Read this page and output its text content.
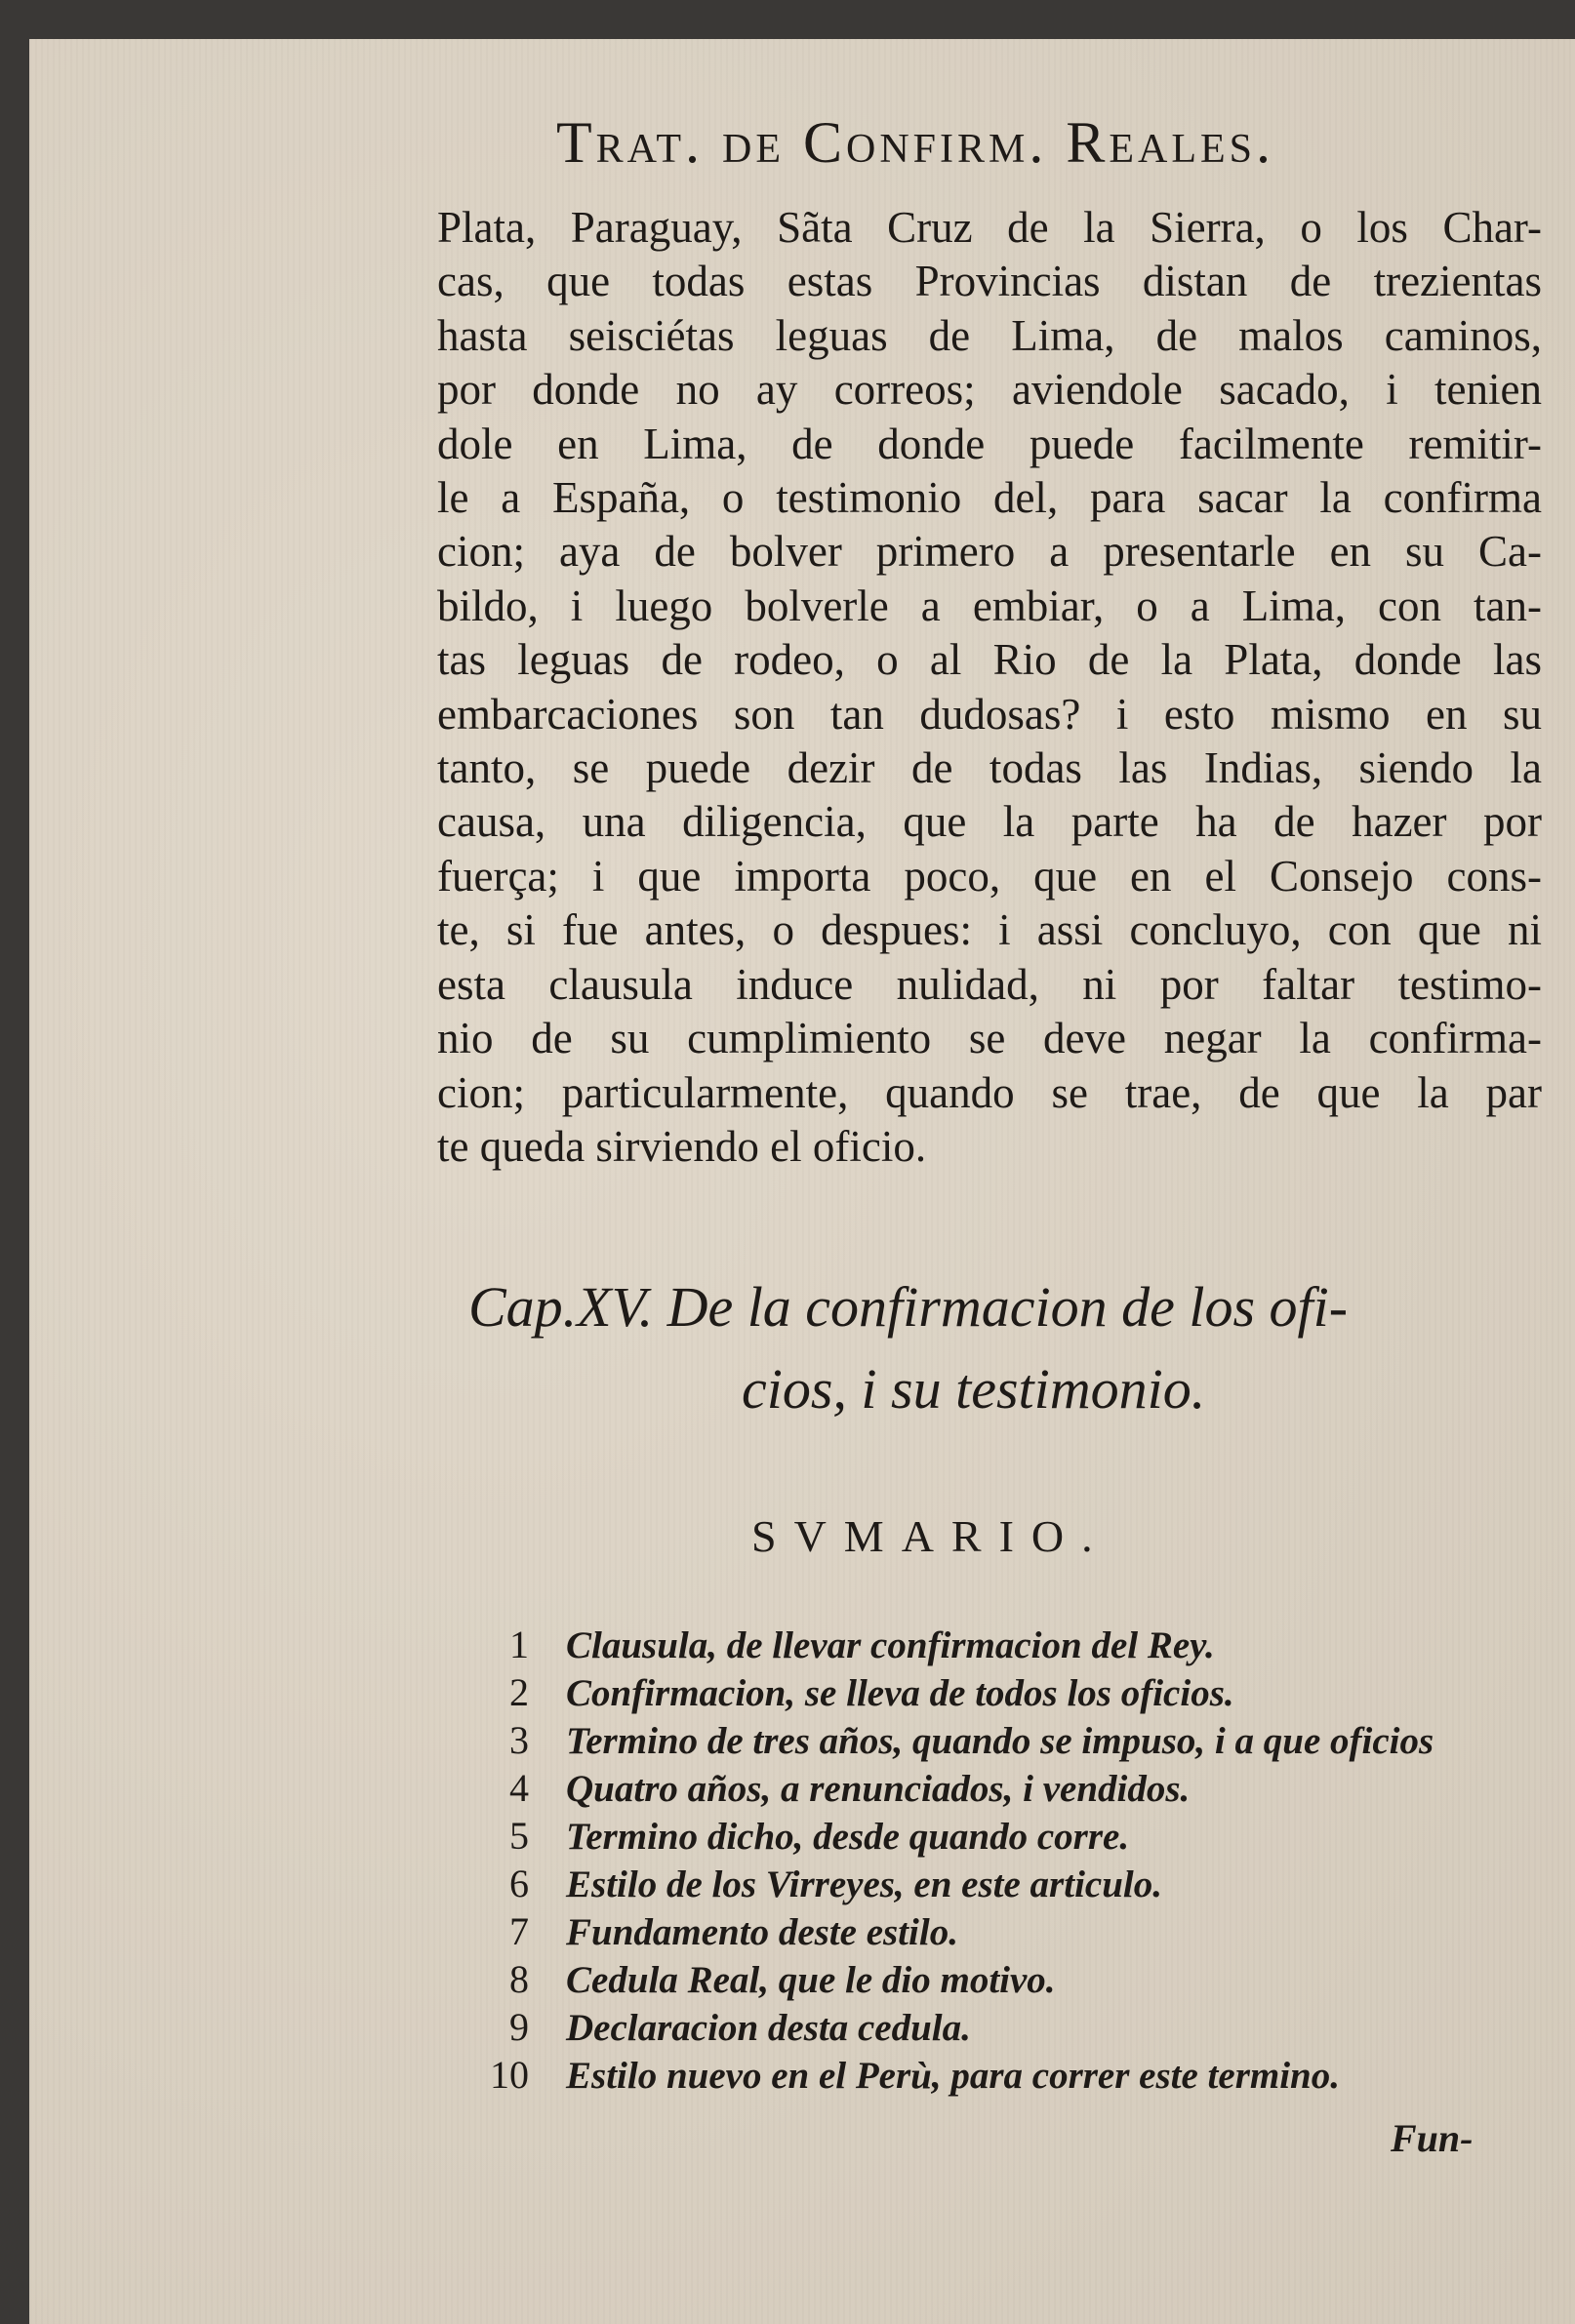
Trat. de Confirm. Reales.
Plata, Paraguay, Sãta Cruz de la Sierra, o los Char-
cas, que todas estas Provincias distan de trezientas
hasta seisciétas leguas de Lima, de malos caminos,
por donde no ay correos; aviendole sacado, i tenien
dole en Lima, de donde puede facilmente remitir-
le a España, o testimonio del, para sacar la confirma
cion; aya de bolver primero a presentarle en su Ca-
bildo, i luego bolverle a embiar, o a Lima, con tan-
tas leguas de rodeo, o al Rio de la Plata, donde las
embarcaciones son tan dudosas? i esto mismo en su
tanto, se puede dezir de todas las Indias, siendo la
causa, una diligencia, que la parte ha de hazer por
fuerça; i que importa poco, que en el Consejo cons-
te, si fue antes, o despues: i assi concluyo, con que ni
esta clausula induce nulidad, ni por faltar testimo-
nio de su cumplimiento se deve negar la confirma-
cion; particularmente, quando se trae, de que la par
te queda sirviendo el oficio.
Cap.XV. De la confirmacion de los ofi-
cios, i su testimonio.
SVMARIO.
1 Clausula, de llevar confirmacion del Rey.
2 Confirmacion, se lleva de todos los oficios.
3 Termino de tres años, quando se impuso, i a que oficios
4 Quatro años, a renunciados, i vendidos.
5 Termino dicho, desde quando corre.
6 Estilo de los Virreyes, en este articulo.
7 Fundamento deste estilo.
8 Cedula Real, que le dio motivo.
9 Declaracion desta cedula.
10 Estilo nuevo en el Perù, para correr este termino.
Fun-
